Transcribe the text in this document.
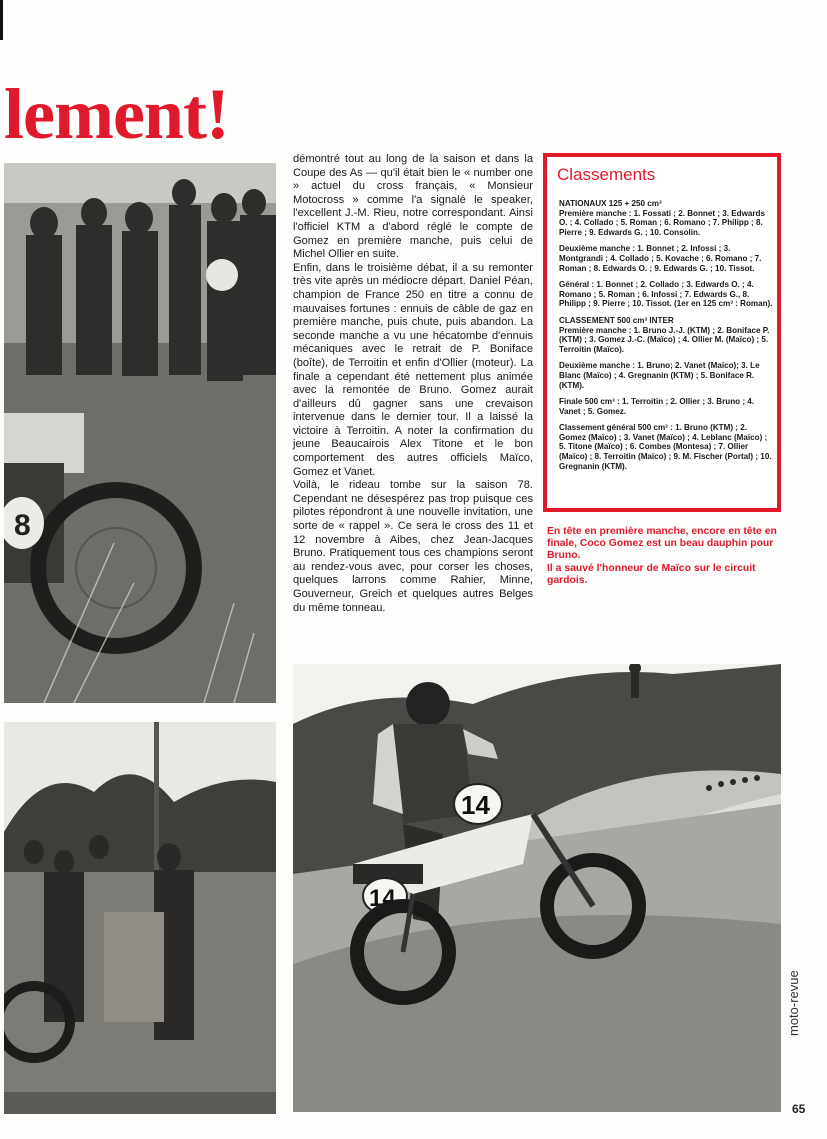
lement!
8

démontré tout au long de la saison et dans la Coupe des As — qu'il était bien le « number one » actuel du cross français, « Monsieur Motocross » comme l'a signalé le speaker, l'excellent J.-M. Rieu, notre correspondant. Ainsi l'officiel KTM a d'abord réglé le compte de Gomez en première manche, puis celui de Michel Ollier en suite.

Enfin, dans le troisième débat, il a su remonter très vite après un médiocre départ. Daniel Péan, champion de France 250 en titre a connu de mauvaises fortunes : ennuis de câble de gaz en première manche, puis chute, puis abandon. La seconde manche a vu une hécatombe d'ennuis mécaniques avec le retrait de P. Boniface (boîte), de Terroitin et enfin d'Ollier (moteur). La finale a cependant été nettement plus animée avec la remontée de Bruno. Gomez aurait d'ailleurs dû gagner sans une crevaison intervenue dans le dernier tour. Il a laissé la victoire à Terroitin. A noter la confirmation du jeune Beaucairois Alex Titone et le bon comportement des autres officiels Maïco, Gomez et Vanet.

Voilà, le rideau tombe sur la saison 78. Cependant ne désespérez pas trop puisque ces pilotes répondront à une nouvelle invitation, une sorte de « rappel ». Ce sera le cross des 11 et 12 novembre à Aibes, chez Jean-Jacques Bruno. Pratiquement tous ces champions seront au rendez-vous avec, pour corser les choses, quelques larrons comme Rahier, Minne, Gouverneur, Greich et quelques autres Belges du même tonneau.

Classements

NATIONAUX 125 + 250 cm³
Première manche : 1. Fossati ; 2. Bonnet ; 3. Edwards O. ; 4. Collado ; 5. Roman ; 6. Romano ; 7. Philipp ; 8. Pierre ; 9. Edwards G. ; 10. Consolin.

Deuxième manche : 1. Bonnet ; 2. Infossi ; 3. Montgrandi ; 4. Collado ; 5. Kovache ; 6. Romano ; 7. Roman ; 8. Edwards O. ; 9. Edwards G. ; 10. Tissot.

Général : 1. Bonnet ; 2. Collado ; 3. Edwards O. ; 4. Romano ; 5. Roman ; 6. Infossi ; 7. Edwards G., 8. Philipp ; 9. Pierre ; 10. Tissot. (1er en 125 cm³ : Roman).

CLASSEMENT 500 cm³ INTER
Première manche : 1. Bruno J.-J. (KTM) ; 2. Boniface P. (KTM) ; 3. Gomez J.-C. (Maïco) ; 4. Ollier M. (Maïco) ; 5. Terroitin (Maïco).

Deuxième manche : 1. Bruno; 2. Vanet (Maïco); 3. Le Blanc (Maïco) ; 4. Gregnanin (KTM) ; 5. Boniface R. (KTM).

Finale 500 cm³ : 1. Terroitin ; 2. Ollier ; 3. Bruno ; 4. Vanet ; 5. Gomez.

Classement général 500 cm³ : 1. Bruno (KTM) ; 2. Gomez (Maïco) ; 3. Vanet (Maïco) ; 4. Leblanc (Maïco) ; 5. Titone (Maïco) ; 6. Combes (Montesa) ; 7. Ollier (Maïco) ; 8. Terroitin (Maïco) ; 9. M. Fischer (Portal) ; 10. Gregnanin (KTM).

En tête en première manche, encore en tête en finale, Coco Gomez est un beau dauphin pour Bruno.

Il a sauvé l'honneur de Maïco sur le circuit gardois.

14
14
moto-revue
65
